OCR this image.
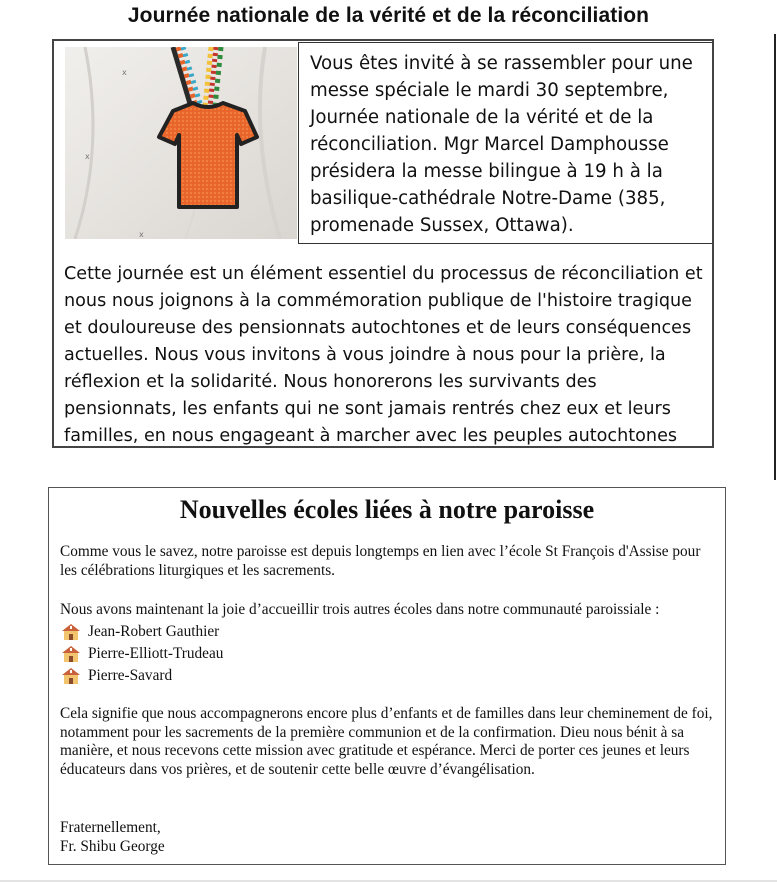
Journée nationale de la vérité et de la réconciliation
x
x
x
Vous êtes invité à se rassembler pour une messe spéciale le mardi 30 septembre, Journée nationale de la vérité et de la réconciliation. Mgr Marcel Damphousse présidera la messe bilingue à 19 h à la basilique-cathédrale Notre-Dame (385, promenade Sussex, Ottawa).
Cette journée est un élément essentiel du processus de réconciliation et nous nous joignons à la commémoration publique de l'histoire tragique et douloureuse des pensionnats autochtones et de leurs conséquences actuelles. Nous vous invitons à vous joindre à nous pour la prière, la réflexion et la solidarité. Nous honorerons les survivants des pensionnats, les enfants qui ne sont jamais rentrés chez eux et leurs familles, en nous engageant à marcher avec les peuples autochtones
Nouvelles écoles liées à notre paroisse
Comme vous le savez, notre paroisse est depuis longtemps en lien avec l’école St François d'Assise pour les célébrations liturgiques et les sacrements.
Nous avons maintenant la joie d’accueillir trois autres écoles dans notre communauté paroissiale :
Jean-Robert Gauthier
Pierre-Elliott-Trudeau
Pierre-Savard
Cela signifie que nous accompagnerons encore plus d’enfants et de familles dans leur cheminement de foi, notamment pour les sacrements de la première communion et de la confirmation. Dieu nous bénit à sa manière, et nous recevons cette mission avec gratitude et espérance. Merci de porter ces jeunes et leurs éducateurs dans vos prières, et de soutenir cette belle œuvre d’évangélisation.
Fraternellement,
Fr. Shibu George
